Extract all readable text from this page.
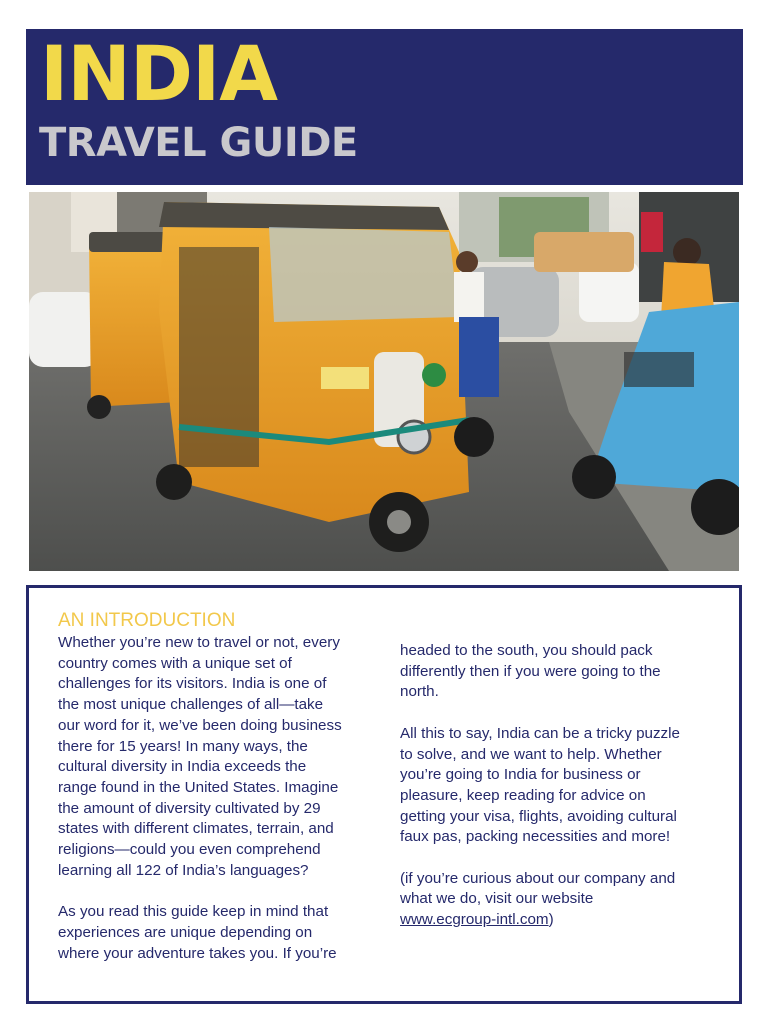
INDIA
TRAVEL GUIDE
AN INTRODUCTION

Whether you’re new to travel or not, every
country comes with a unique set of
challenges for its visitors. India is one of
the most unique challenges of all—take
our word for it, we’ve been doing business
there for 15 years! In many ways, the
cultural diversity in India exceeds the
range found in the United States. Imagine
the amount of diversity cultivated by 29
states with different climates, terrain, and
religions—could you even comprehend
learning all 122 of India’s languages?

As you read this guide keep in mind that
experiences are unique depending on
where your adventure takes you. If you’re

headed to the south, you should pack
differently then if you were going to the
north.

All this to say, India can be a tricky puzzle
to solve, and we want to help. Whether
you’re going to India for business or
pleasure, keep reading for advice on
getting your visa, flights, avoiding cultural
faux pas, packing necessities and more!

(if you’re curious about our company and
what we do, visit our website
www.ecgroup-intl.com)
